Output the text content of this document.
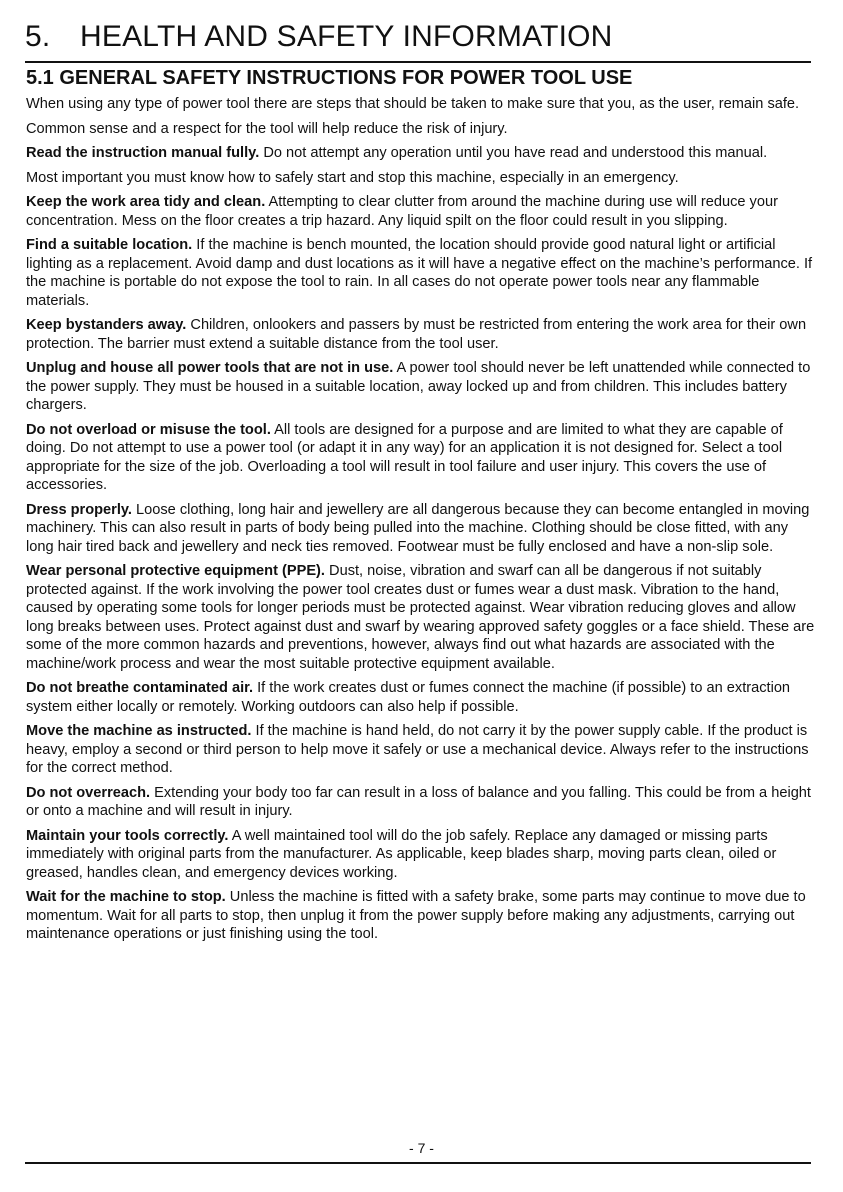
5. HEALTH AND SAFETY INFORMATION
5.1 GENERAL SAFETY INSTRUCTIONS FOR POWER TOOL USE

When using any type of power tool there are steps that should be taken to make sure that you, as the user, remain safe.

Common sense and a respect for the tool will help reduce the risk of injury.

Read the instruction manual fully. Do not attempt any operation until you have read and understood this manual.

Most important you must know how to safely start and stop this machine, especially in an emergency.

Keep the work area tidy and clean. Attempting to clear clutter from around the machine during use will reduce your concentration. Mess on the floor creates a trip hazard. Any liquid spilt on the floor could result in you slipping.

Find a suitable location. If the machine is bench mounted, the location should provide good natural light or artificial lighting as a replacement. Avoid damp and dust locations as it will have a negative effect on the machine’s performance. If the machine is portable do not expose the tool to rain. In all cases do not operate power tools near any flammable materials.

Keep bystanders away. Children, onlookers and passers by must be restricted from entering the work area for their own protection. The barrier must extend a suitable distance from the tool user.

Unplug and house all power tools that are not in use. A power tool should never be left unattended while connected to the power supply. They must be housed in a suitable location, away locked up and from children. This includes battery chargers.

Do not overload or misuse the tool. All tools are designed for a purpose and are limited to what they are capable of doing. Do not attempt to use a power tool (or adapt it in any way) for an application it is not designed for. Select a tool appropriate for the size of the job. Overloading a tool will result in tool failure and user injury. This covers the use of accessories.

Dress properly. Loose clothing, long hair and jewellery are all dangerous because they can become entangled in moving machinery. This can also result in parts of body being pulled into the machine. Clothing should be close fitted, with any long hair tired back and jewellery and neck ties removed. Footwear must be fully enclosed and have a non-slip sole.

Wear personal protective equipment (PPE). Dust, noise, vibration and swarf can all be dangerous if not suitably protected against. If the work involving the power tool creates dust or fumes wear a dust mask. Vibration to the hand, caused by operating some tools for longer periods must be protected against. Wear vibration reducing gloves and allow long breaks between uses. Protect against dust and swarf by wearing approved safety goggles or a face shield. These are some of the more common hazards and preventions, however, always find out what hazards are associated with the machine/work process and wear the most suitable protective equipment available.

Do not breathe contaminated air. If the work creates dust or fumes connect the machine (if possible) to an extraction system either locally or remotely. Working outdoors can also help if possible.

Move the machine as instructed. If the machine is hand held, do not carry it by the power supply cable. If the product is heavy, employ a second or third person to help move it safely or use a mechanical device. Always refer to the instructions for the correct method.

Do not overreach. Extending your body too far can result in a loss of balance and you falling. This could be from a height or onto a machine and will result in injury.

Maintain your tools correctly. A well maintained tool will do the job safely. Replace any damaged or missing parts immediately with original parts from the manufacturer. As applicable, keep blades sharp, moving parts clean, oiled or greased, handles clean, and emergency devices working.

Wait for the machine to stop. Unless the machine is fitted with a safety brake, some parts may continue to move due to momentum. Wait for all parts to stop, then unplug it from the power supply before making any adjustments, carrying out maintenance operations or just finishing using the tool.

- 7 -
